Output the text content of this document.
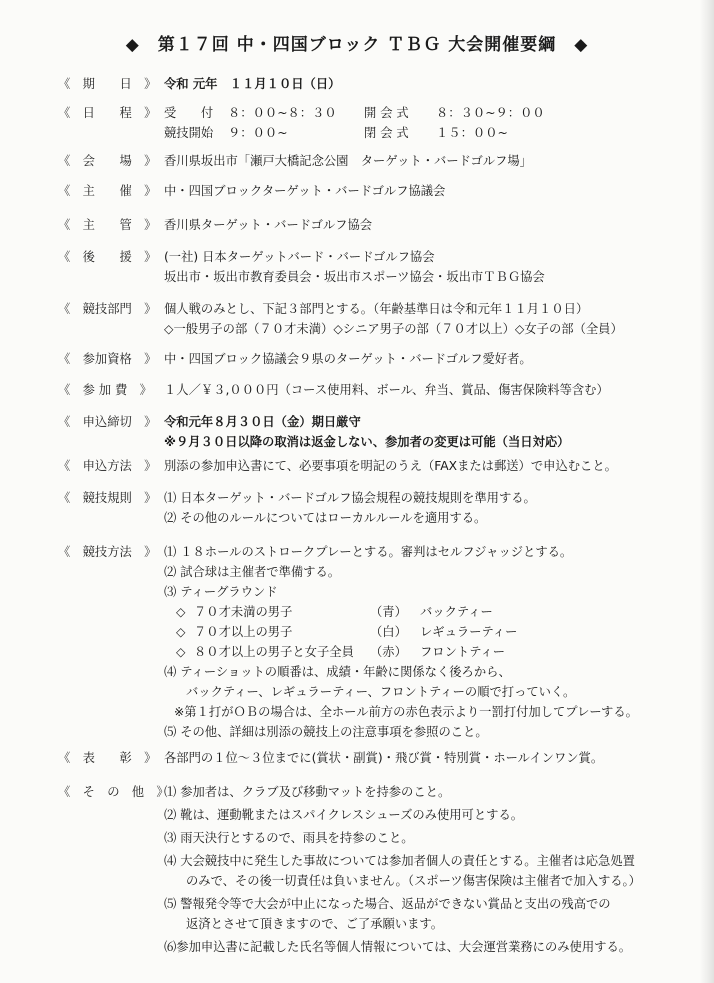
◆　第１７回 中・四国ブロック ＴＢＧ 大会開催要綱　◆
《　期　　日　》 令和 元年　１１月１０日（日）
《　日　　程　》 受　　付 ８：００~８：３０ 開 会 式 ８：３０~９：００
競技開始 ９：００~	閉 会 式 １５：００~
《　会　　場　》 香川県坂出市「瀬戸大橋記念公園　ターゲット・バードゴルフ場」
《　主　　催　》 中・四国ブロックターゲット・バードゴルフ協議会
《　主　　管　》 香川県ターゲット・バードゴルフ協会
《　後　　援　》 (一社) 日本ターゲットバード・バードゴルフ協会
坂出市・坂出市教育委員会・坂出市スポーツ協会・坂出市ＴＢＧ協会
《　競技部門　》 個人戦のみとし、下記３部門とする。（年齢基準日は令和元年１１月１０日）
◇一般男子の部（７０才未満）◇シニア男子の部（７０才以上）◇女子の部（全員）
《　参加資格　》 中・四国ブロック協議会９県のターゲット・バードゴルフ愛好者。
《　参 加 費　》 １人／￥３,０００円（コース使用料、ボール、弁当、賞品、傷害保険料等含む）
《　申込締切　》 令和元年８月３０日（金）期日厳守
※９月３０日以降の取消は返金しない、参加者の変更は可能（当日対応）
《　申込方法　》 別添の参加申込書にて、必要事項を明記のうえ（FAXまたは郵送）で申込むこと。
《　競技規則　》 ⑴ 日本ターゲット・バードゴルフ協会規程の競技規則を準用する。
⑵ その他のルールについてはローカルルールを適用する。
《　競技方法　》 ⑴ １８ホールのストロークプレーとする。審判はセルフジャッジとする。
⑵ 試合球は主催者で準備する。
⑶ ティーグラウンド
◇ ７０才未満の男子	（青） バックティー
◇ ７０才以上の男子	（白） レギュラーティー
◇ ８０才以上の男子と女子全員 （赤） フロントティー
⑷ ティーショットの順番は、成績・年齢に関係なく後ろから、
バックティー、レギュラーティー、フロントティーの順で打っていく。
※第１打がＯＢの場合は、全ホール前方の赤色表示より一罰打付加してプレーする。
⑸ その他、詳細は別添の競技上の注意事項を参照のこと。
《　表　　彰　》 各部門の１位～３位までに(賞状・副賞)・飛び賞・特別賞・ホールインワン賞。
《　そ　の　他　》
⑴ 参加者は、クラブ及び移動マットを持参のこと。
⑵ 靴は、運動靴またはスパイクレスシューズのみ使用可とする。
⑶ 雨天決行とするので、雨具を持参のこと。
⑷ 大会競技中に発生した事故については参加者個人の責任とする。主催者は応急処置
のみで、その後一切責任は負いません。（スポーツ傷害保険は主催者で加入する。）
⑸ 警報発令等で大会が中止になった場合、返品ができない賞品と支出の残高での
返済とさせて頂きますので、ご了承願います。
⑹参加申込書に記載した氏名等個人情報については、大会運営業務にのみ使用する。
